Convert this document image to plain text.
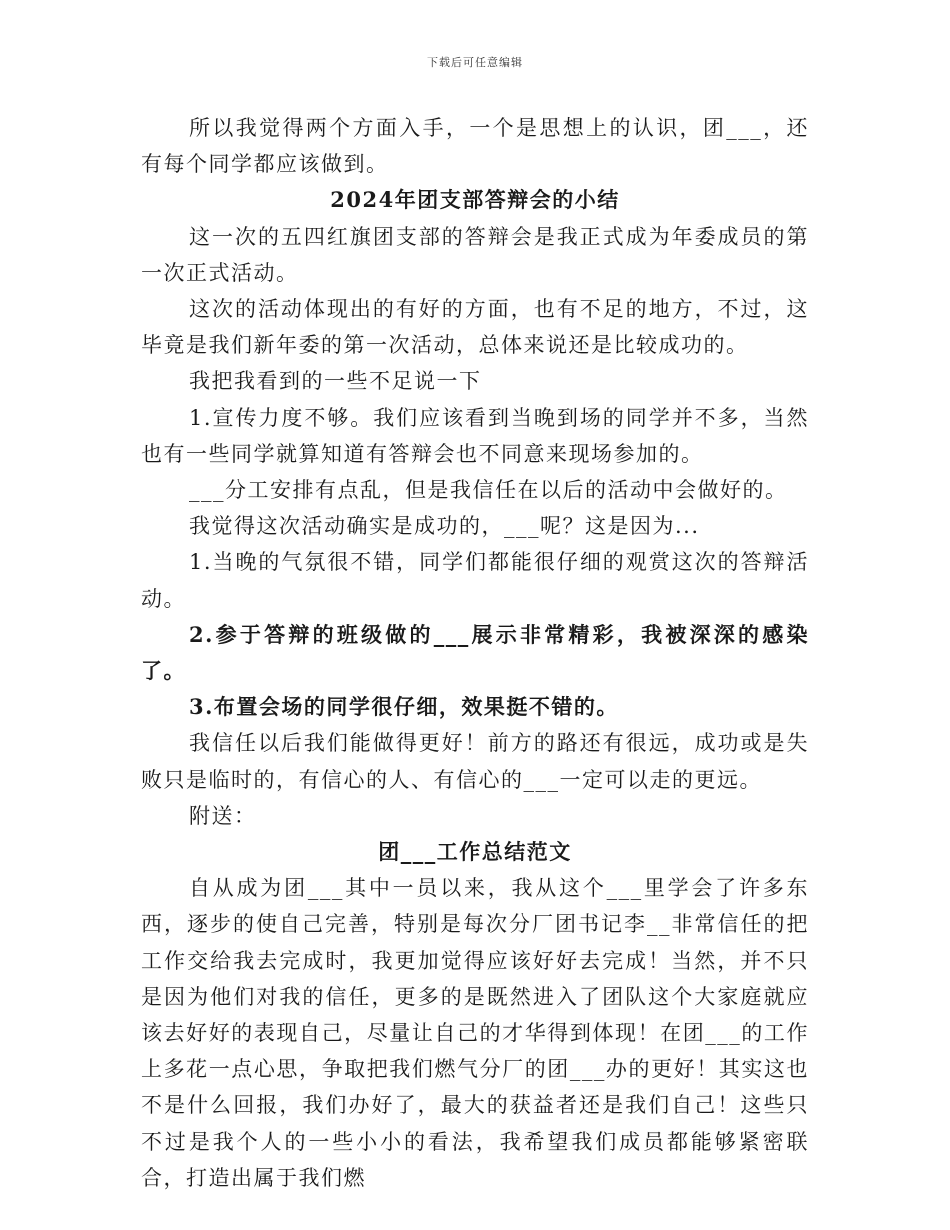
下载后可任意编辑

所以我觉得两个方面入手，一个是思想上的认识，团___，还有每个同学都应该做到。

2024年团支部答辩会的小结

这一次的五四红旗团支部的答辩会是我正式成为年委成员的第一次正式活动。

这次的活动体现出的有好的方面，也有不足的地方，不过，这毕竟是我们新年委的第一次活动，总体来说还是比较成功的。

我把我看到的一些不足说一下

1.宣传力度不够。我们应该看到当晚到场的同学并不多，当然也有一些同学就算知道有答辩会也不同意来现场参加的。

___分工安排有点乱，但是我信任在以后的活动中会做好的。

我觉得这次活动确实是成功的，___呢？这是因为...

1.当晚的气氛很不错，同学们都能很仔细的观赏这次的答辩活动。

2.参于答辩的班级做的___展示非常精彩，我被深深的感染了。

3.布置会场的同学很仔细，效果挺不错的。

我信任以后我们能做得更好！前方的路还有很远，成功或是失败只是临时的，有信心的人、有信心的___一定可以走的更远。

附送：

团___工作总结范文

自从成为团___其中一员以来，我从这个___里学会了许多东西，逐步的使自己完善，特别是每次分厂团书记李__非常信任的把工作交给我去完成时，我更加觉得应该好好去完成！当然，并不只是因为他们对我的信任，更多的是既然进入了团队这个大家庭就应该去好好的表现自己，尽量让自己的才华得到体现！在团___的工作上多花一点心思，争取把我们燃气分厂的团___办的更好！其实这也不是什么回报，我们办好了，最大的获益者还是我们自己！这些只不过是我个人的一些小小的看法，我希望我们成员都能够紧密联合，打造出属于我们燃
